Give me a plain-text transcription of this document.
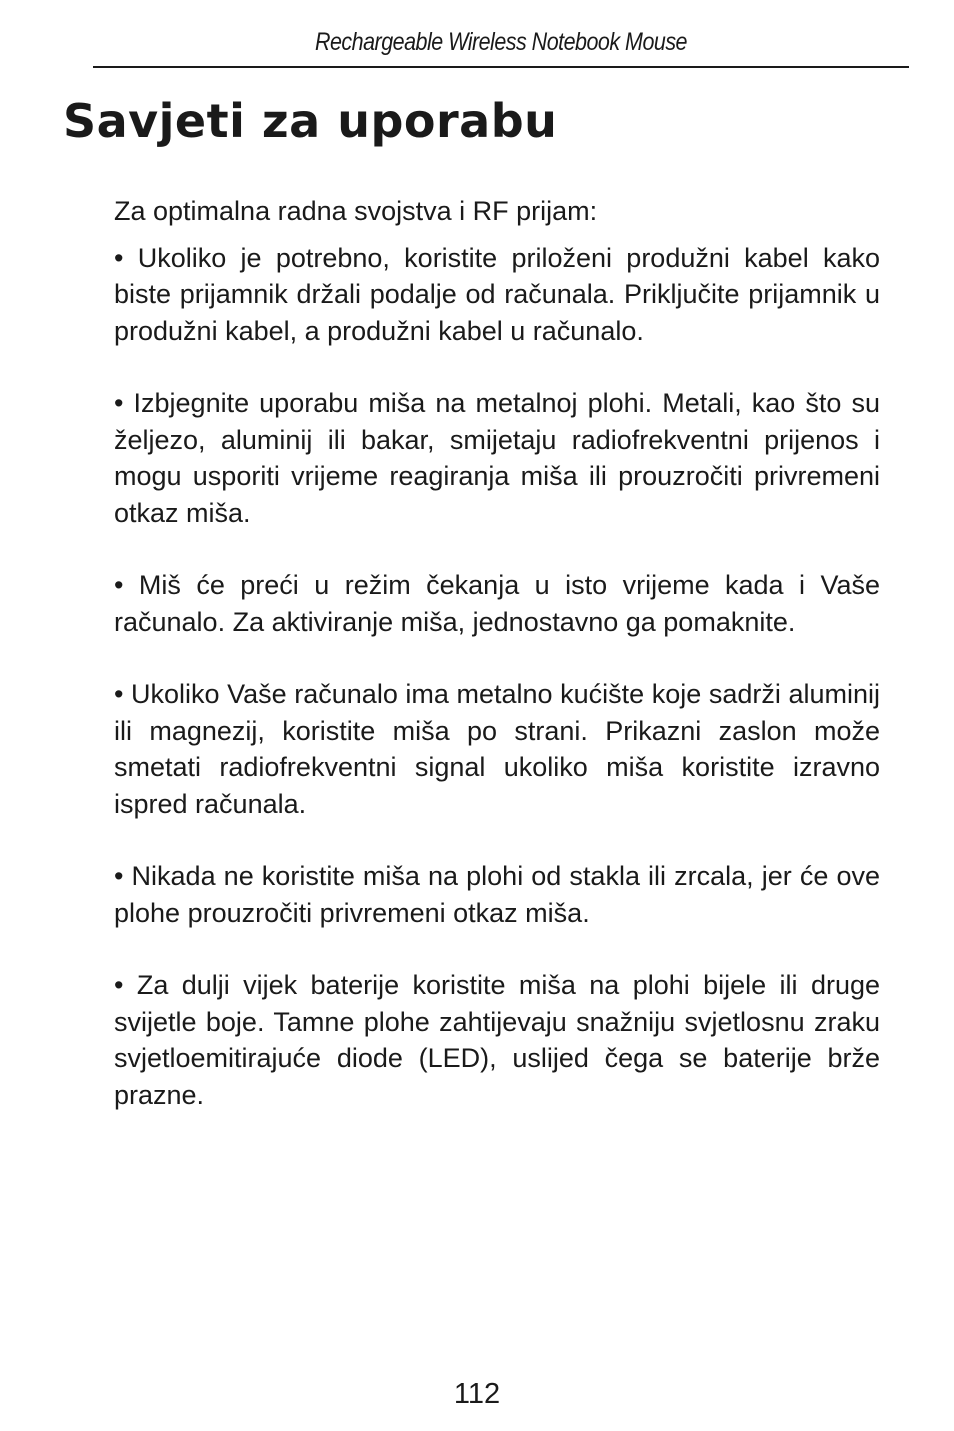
Rechargeable Wireless Notebook Mouse
Savjeti za uporabu

Za optimalna radna svojstva i RF prijam:

• Ukoliko je potrebno, koristite priloženi produžni kabel kako biste prijamnik držali podalje od računala. Priključite prijamnik u produžni kabel, a produžni kabel u računalo.

• Izbjegnite uporabu miša na metalnoj plohi. Metali, kao što su željezo, aluminij ili bakar, smijetaju radiofrekventni prijenos i mogu usporiti vrijeme reagiranja miša ili prouzročiti privremeni otkaz miša.

• Miš će preći u režim čekanja u isto vrijeme kada i Vaše računalo. Za aktiviranje miša, jednostavno ga pomaknite.

• Ukoliko Vaše računalo ima metalno kućište koje sadrži aluminij ili magnezij, koristite miša po strani. Prikazni zaslon može smetati radiofrekventni signal ukoliko miša koristite izravno ispred računala.

• Nikada ne koristite miša na plohi od stakla ili zrcala, jer će ove plohe prouzročiti privremeni otkaz miša.

• Za dulji vijek baterije koristite miša na plohi bijele ili druge svijetle boje. Tamne plohe zahtijevaju snažniju svjetlosnu zraku svjetloemitirajuće diode (LED), uslijed čega se baterije brže prazne.

112
